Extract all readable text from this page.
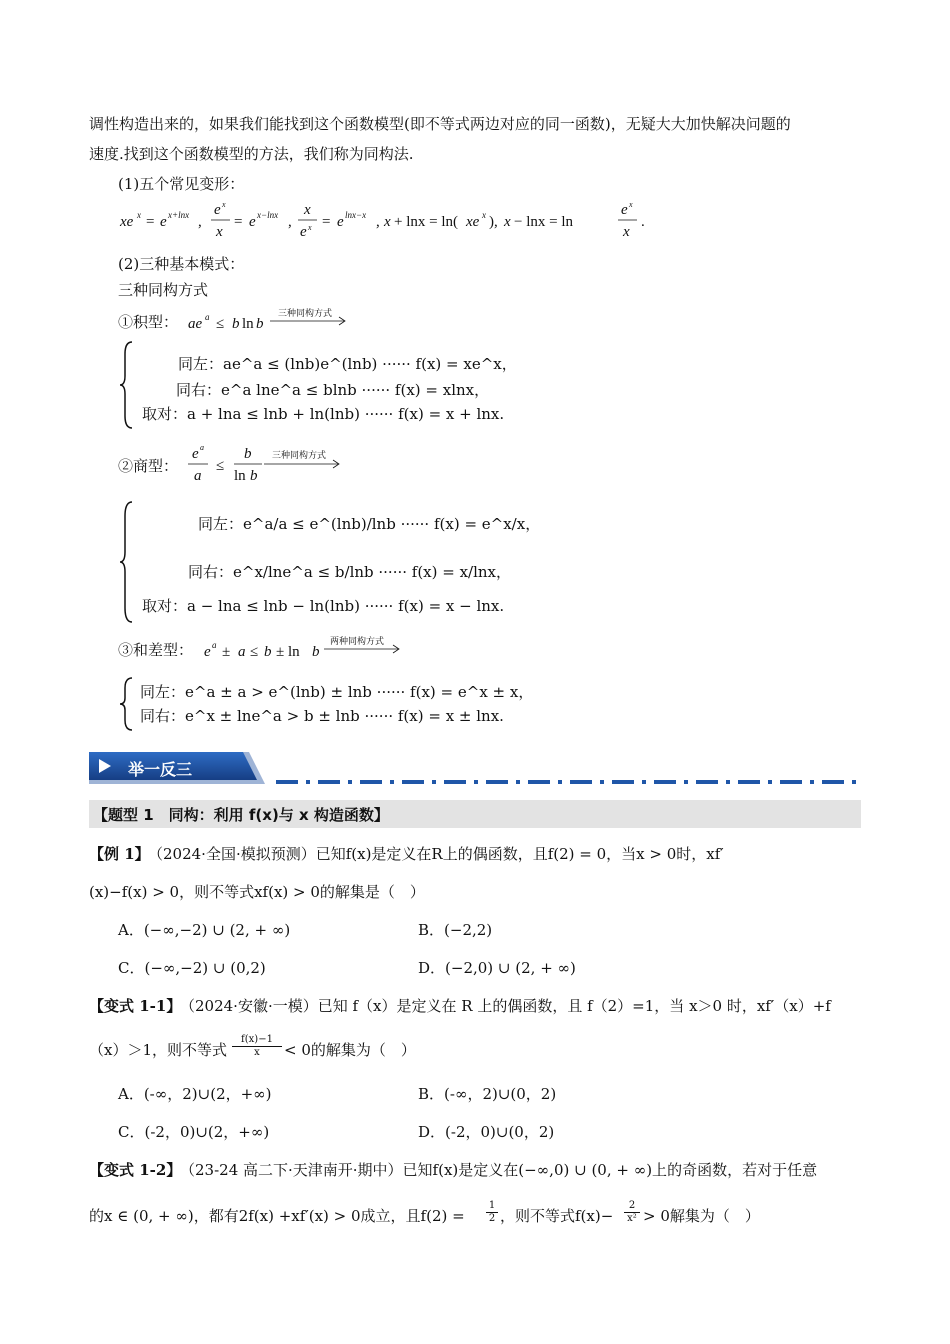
调性构造出来的，如果我们能找到这个函数模型(即不等式两边对应的同一函数)，无疑大大加快解决问题的
速度.找到这个函数模型的方法，我们称为同构法.
(1)五个常见变形：
xe x = e x+lnx ,
e x
x
= e x−lnx ,
x
e x = e lnx−x , x + lnx = ln( xe x ), x − lnx = ln
e x
x
.
(2)三种基本模式：
三种同构方式
①积型： ae a ≤ b ln b
三种同构方式
同左：ae^a ≤ (lnb)e^(lnb) ······ f(x) = xe^x，
同右：e^a lne^a ≤ blnb ······ f(x) = xlnx，
取对：a + lna ≤ lnb + ln(lnb) ······ f(x) = x + lnx.
②商型：
e a
a
≤
b
ln b
三种同构方式
同左：e^a/a ≤ e^(lnb)/lnb ······ f(x) = e^x/x，
同右：e^x/lne^a ≤ b/lnb ······ f(x) = x/lnx，
取对：a − lna ≤ lnb − ln(lnb) ······ f(x) = x − lnx.
③和差型： e a ± a ≤ b ± ln b
两种同构方式
同左：e^a ± a > e^(lnb) ± lnb ······ f(x) = e^x ± x，
同右：e^x ± lne^a > b ± lnb ······ f(x) = x ± lnx.
举一反三
【题型 1　同构：利用 f(x)与 x 构造函数】
【例 1】
（2024·全国·模拟预测）已知f(x)是定义在R上的偶函数，且f(2) = 0，当x > 0时，xf′
(x)−f(x) > 0，则不等式xf(x) > 0的解集是（　）
A．(−∞,−2) ∪ (2, + ∞)	B．(−2,2)
C．(−∞,−2) ∪ (0,2)	D．(−2,0) ∪ (2, + ∞)
【变式 1-1】
（2024·安徽·一模）已知 f（x）是定义在 R 上的偶函数，且 f（2）=1，当 x＞0 时，xf′（x）+f
（x）＞1，则不等式 $\frac{f(x)-1}{x} < 0$的解集为（　）
A．(-∞，2)∪(2，+∞)	B．(-∞，2)∪(0，2)
C．(-2，0)∪(2，+∞)	D．(-2，0)∪(0，2)
【变式 1-2】
（23-24 高二下·天津南开·期中）已知f(x)是定义在(−∞,0) ∪ (0, + ∞)上的奇函数，若对于任意
的x ∈ (0, + ∞)，都有2f(x) +xf′(x) > 0成立，且$f(2) = \frac{1}{2}$ ，则不等式$f(x)- \frac{2}{\text{x²}} > 0$解集为（　）
